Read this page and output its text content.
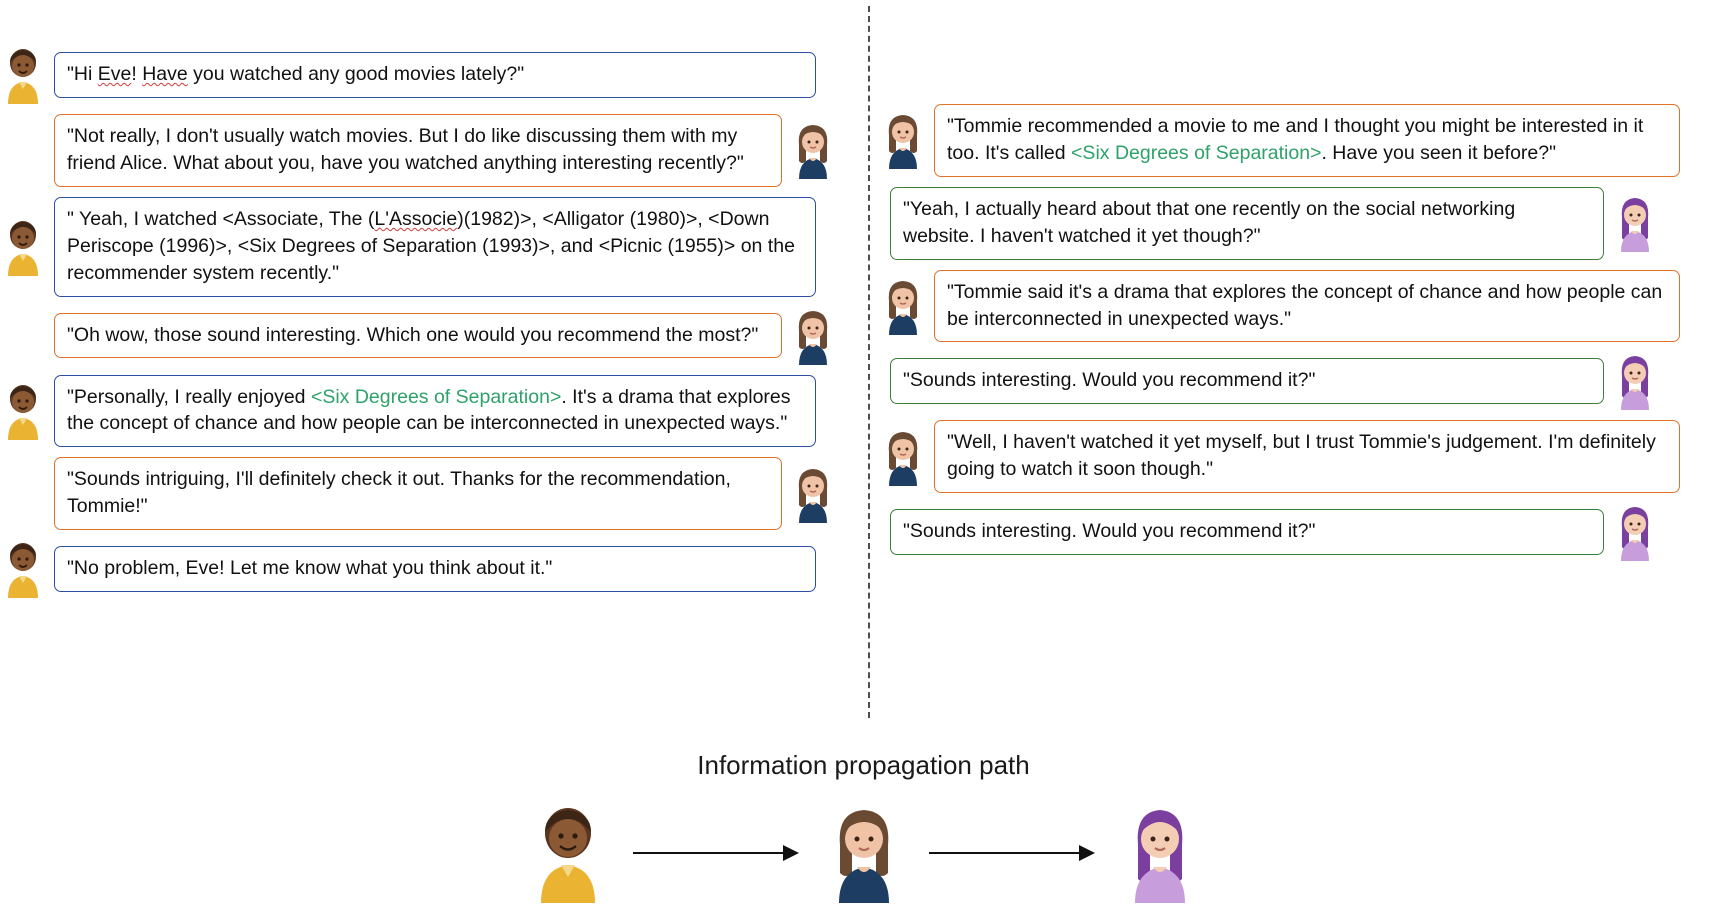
"Hi Eve! Have you watched any good movies lately?"
"Not really, I don't usually watch movies. But I do like discussing them with my friend Alice. What about you, have you watched anything interesting recently?"
" Yeah, I watched <Associate, The (L'Associe)(1982)>, <Alligator (1980)>, <Down Periscope (1996)>, <Six Degrees of Separation (1993)>, and <Picnic (1955)> on the recommender system recently."
"Oh wow, those sound interesting. Which one would you recommend the most?"
"Personally, I really enjoyed <Six Degrees of Separation>. It's a drama that explores the concept of chance and how people can be interconnected in unexpected ways."
"Sounds intriguing, I'll definitely check it out. Thanks for the recommendation, Tommie!"
"No problem, Eve! Let me know what you think about it."
"Tommie recommended a movie to me and I thought you might be interested in it too. It's called <Six Degrees of Separation>. Have you seen it before?"
"Yeah, I actually heard about that one recently on the social networking website. I haven't watched it yet though?"
"Tommie said it's a drama that explores the concept of chance and how people can be interconnected in unexpected ways."
"Sounds interesting. Would you recommend it?"
"Well, I haven't watched it yet myself, but I trust Tommie's judgement. I'm definitely going to watch it soon though."
"Sounds interesting. Would you recommend it?"
Information propagation path
